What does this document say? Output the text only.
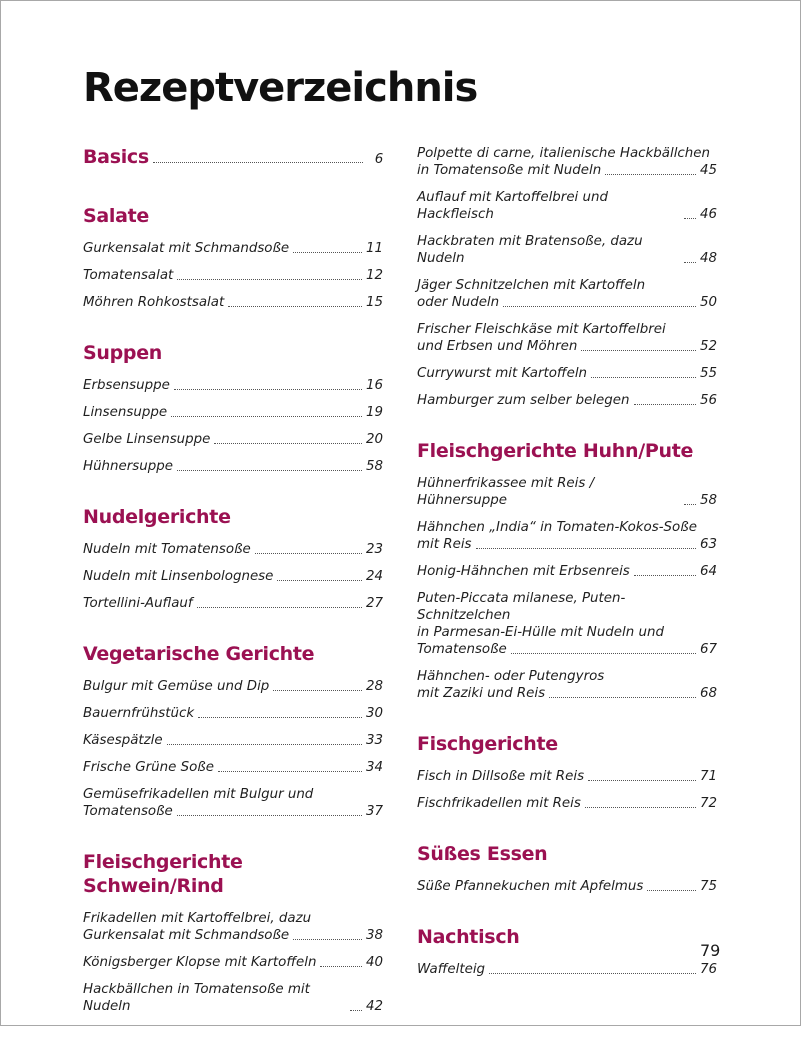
Rezeptverzeichnis
Basics	6
Salate
Gurkensalat mit Schmandsoße	11
Tomatensalat	12
Möhren Rohkostsalat	15
Suppen
Erbsensuppe	16
Linsensuppe	19
Gelbe Linsensuppe	20
Hühnersuppe	58
Nudelgerichte
Nudeln mit Tomatensoße	23
Nudeln mit Linsenbolognese	24
Tortellini-Auflauf	27
Vegetarische Gerichte
Bulgur mit Gemüse und Dip	28
Bauernfrühstück	30
Käsespätzle	33
Frische Grüne Soße	34
Gemüsefrikadellen mit Bulgur und
Tomatensoße	37
Fleischgerichte Schwein/Rind
Frikadellen mit Kartoffelbrei, dazu
Gurkensalat mit Schmandsoße	38
Königsberger Klopse mit Kartoffeln	40
Hackbällchen in Tomatensoße mit Nudeln	42
Polpette di carne, italienische Hackbällchen
in Tomatensoße mit Nudeln	45
Auflauf mit Kartoffelbrei und Hackfleisch	46
Hackbraten mit Bratensoße, dazu Nudeln	48
Jäger Schnitzelchen mit Kartoffeln
oder Nudeln	50
Frischer Fleischkäse mit Kartoffelbrei
und Erbsen und Möhren	52
Currywurst mit Kartoffeln	55
Hamburger zum selber belegen	56
Fleischgerichte Huhn/Pute
Hühnerfrikassee mit Reis / Hühnersuppe	58
Hähnchen „India“ in Tomaten-Kokos-Soße
mit Reis	63
Honig-Hähnchen mit Erbsenreis	64
Puten-Piccata milanese, Puten-Schnitzelchen
in Parmesan-Ei-Hülle mit Nudeln und
Tomatensoße	67
Hähnchen- oder Putengyros
mit Zaziki und Reis	68
Fischgerichte
Fisch in Dillsoße mit Reis	71
Fischfrikadellen mit Reis	72
Süßes Essen
Süße Pfannekuchen mit Apfelmus	75
Nachtisch
Waffelteig	76
79
